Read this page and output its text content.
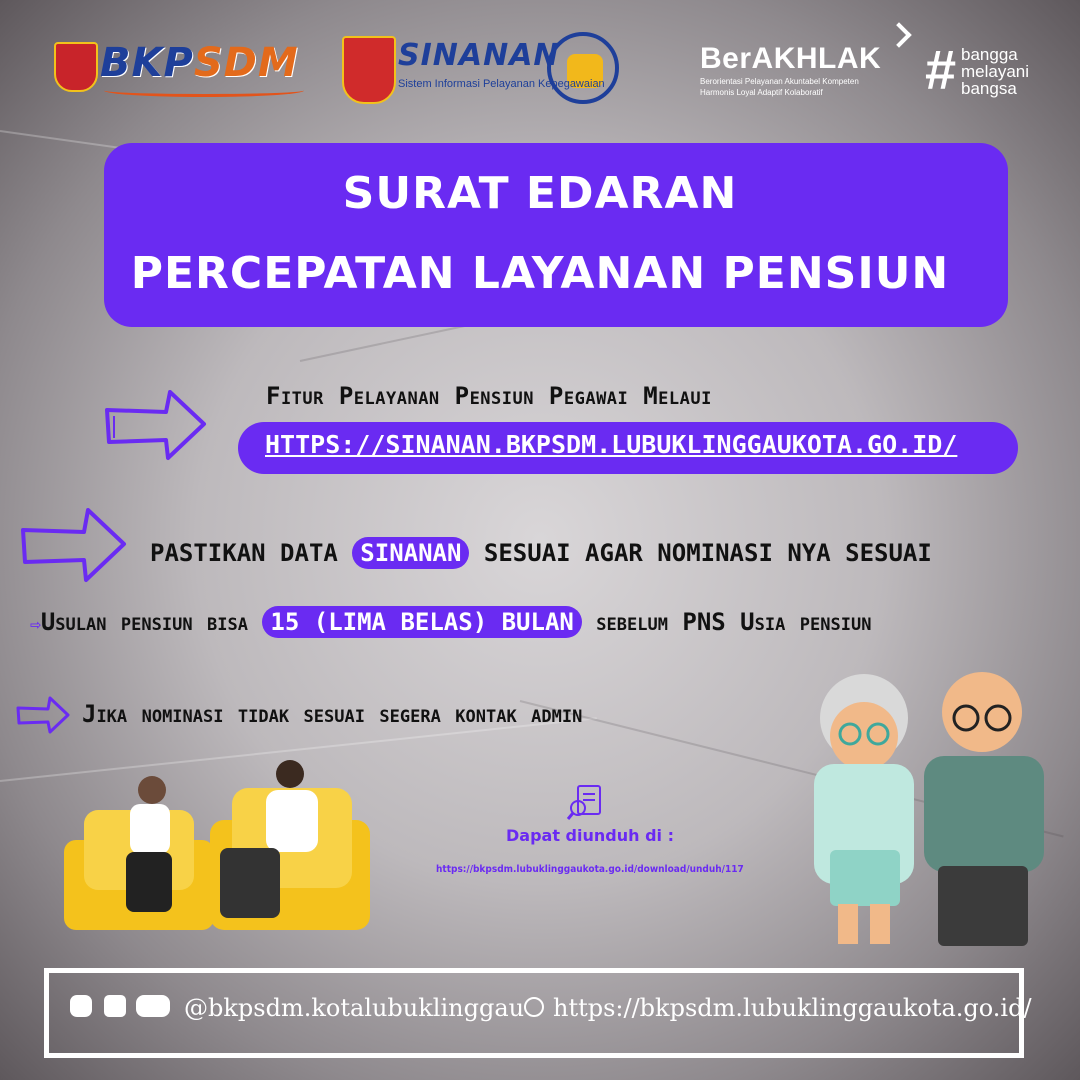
BKPSDM	SINANAN
Sistem Informasi Pelayanan Kepegawaian
BerAKHLAK
Berorientasi Pelayanan Akuntabel Kompeten
Harmonis Loyal Adaptif Kolaboratif	# bangga
melayani
bangsa
SURAT EDARAN
PERCEPATAN LAYANAN PENSIUN
Fitur Pelayanan Pensiun Pegawai Melaui
HTTPS://SINANAN.BKPSDM.LUBUKLINGGAUKOTA.GO.ID/
PASTIKAN DATA SINANAN SESUAI AGAR NOMINASI NYA SESUAI
⇨Usulan pensiun bisa 15 (LIMA BELAS) BULAN sebelum PNS Usia pensiun
Jika nominasi tidak sesuai segera kontak admin
Dapat diunduh di :
https://bkpsdm.lubuklinggaukota.go.id/download/unduh/117
@bkpsdm.kotalubuklinggau https://bkpsdm.lubuklinggaukota.go.id/
